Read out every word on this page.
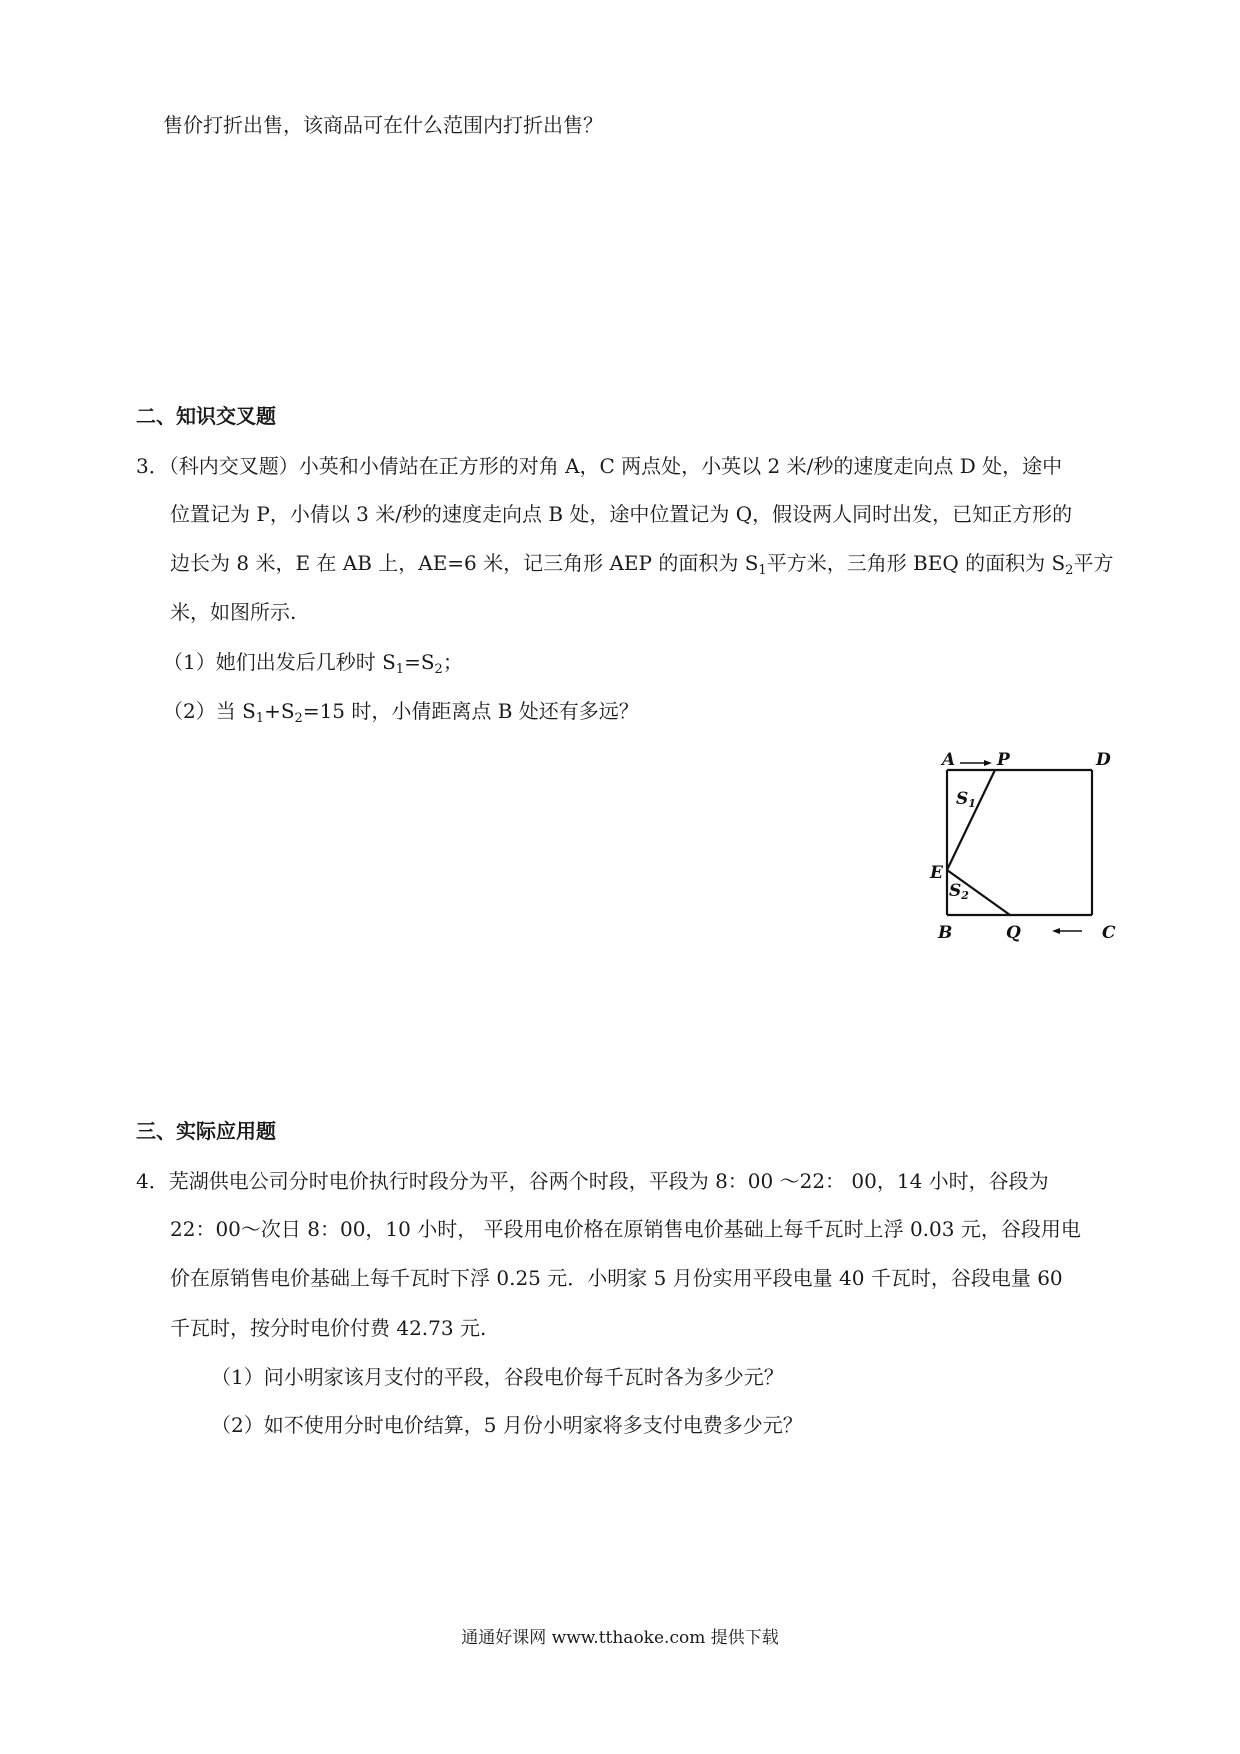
售价打折出售，该商品可在什么范围内打折出售？
二、知识交叉题
3．（科内交叉题）小英和小倩站在正方形的对角 A，C 两点处，小英以 2 米/秒的速度走向点 D 处，途中
位置记为 P，小倩以 3 米/秒的速度走向点 B 处，途中位置记为 Q，假设两人同时出发，已知正方形的
边长为 8 米，E 在 AB 上，AE=6 米，记三角形 AEP 的面积为 $S_1$平方米，三角形 BEQ 的面积为 $S_2$平方
米，如图所示.
（1）她们出发后几秒时 $S_1=S_2$；
（2）当 $S_1+S_2=15$ 时，小倩距离点 B 处还有多远？
A P	D
E
B	Q	C
S1
S2
三、实际应用题
4．芜湖供电公司分时电价执行时段分为平，谷两个时段，平段为 8：00 ～22： 00，14 小时，谷段为
22：00～次日 8：00，10 小时， 平段用电价格在原销售电价基础上每千瓦时上浮 0.03 元，谷段用电
价在原销售电价基础上每千瓦时下浮 0.25 元．小明家 5 月份实用平段电量 40 千瓦时，谷段电量 60
千瓦时，按分时电价付费 42.73 元.
（1）问小明家该月支付的平段，谷段电价每千瓦时各为多少元？
（2）如不使用分时电价结算，5 月份小明家将多支付电费多少元？
通通好课网 www.tthaoke.com 提供下载
